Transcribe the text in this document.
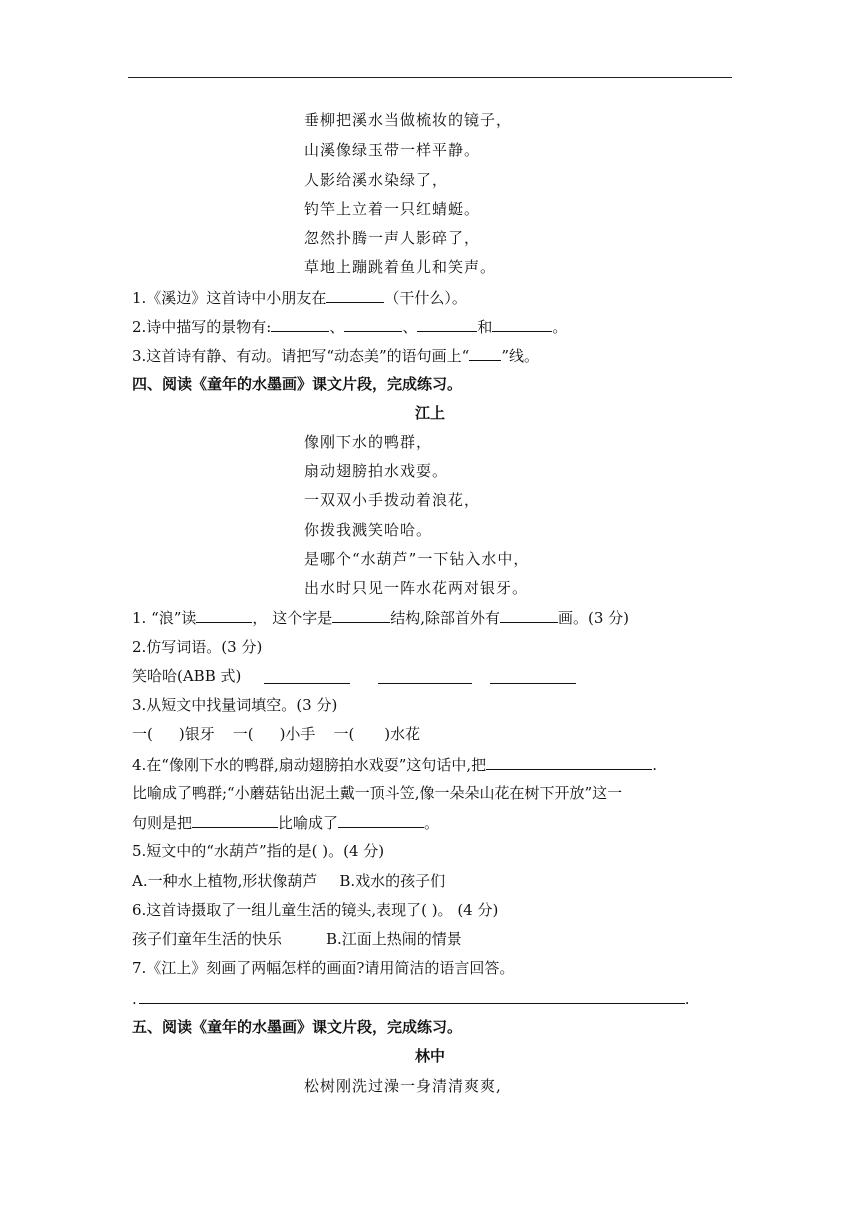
垂柳把溪水当做梳妆的镜子，
山溪像绿玉带一样平静。
人影给溪水染绿了，
钓竿上立着一只红蜻蜓。
忽然扑腾一声人影碎了，
草地上蹦跳着鱼儿和笑声。
1.《溪边》这首诗中小朋友在	（干什么）。
2.诗中描写的景物有:	、	、	和	。
3.这首诗有静、有动。请把写“动态美”的语句画上“ ”线。
四、阅读《童年的水墨画》课文片段，完成练习。
江上
像刚下水的鸭群，
扇动翅膀拍水戏耍。
一双双小手拨动着浪花，
你拨我溅笑哈哈。
是哪个“水葫芦”一下钻入水中，
出水时只见一阵水花两对银牙。
1. “浪”读	， 这个字是	结构,除部首外有	画。(3 分)
2.仿写词语。(3 分)
笑哈哈(ABB 式)
3.从短文中找量词填空。(3 分)
一( )银牙 一( )小手 一( )水花
4.在“像刚下水的鸭群,扇动翅膀拍水戏耍”这句话中,把	.
比喻成了鸭群;“小蘑菇钻出泥土戴一顶斗笠,像一朵朵山花在树下开放”这一
句则是把	比喻成了	。
5.短文中的“水葫芦”指的是( )。(4 分)
A.一种水上植物,形状像葫芦 B.戏水的孩子们
6.这首诗摄取了一组儿童生活的镜头,表现了( )。 (4 分)
孩子们童年生活的快乐	B.江面上热闹的情景
7.《江上》刻画了两幅怎样的画面?请用简洁的语言回答。
.	.
五、阅读《童年的水墨画》课文片段，完成练习。
林中
松树刚洗过澡一身清清爽爽,
